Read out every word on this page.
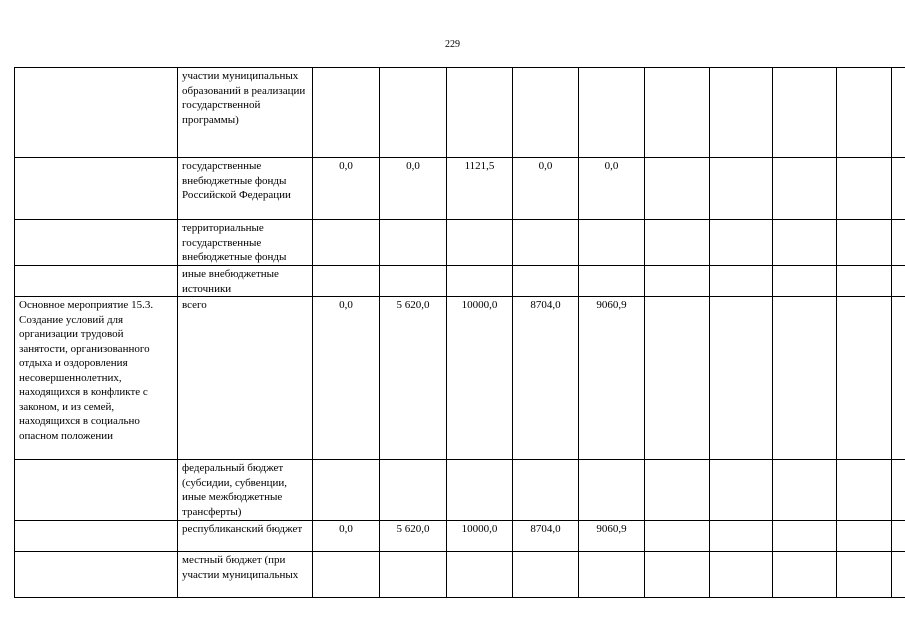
229
	участии муниципальных образований в реализации государственной программы)										
	государственные внебюджетные фонды Российской Федерации	0,0	0,0	1121,5	0,0	0,0					
	территориальные государственные внебюджетные фонды										
	иные внебюджетные источники										
Основное мероприятие 15.3. Создание условий для организации трудовой занятости, организованного отдыха и оздоровления несовершеннолетних, находящихся в конфликте с законом, и из семей, находящихся в социально опасном положении	всего	0,0	5 620,0	10000,0	8704,0	9060,9					
	федеральный бюджет (субсидии, субвенции, иные межбюджетные трансферты)										
	республиканский бюджет	0,0	5 620,0	10000,0	8704,0	9060,9					
	местный бюджет (при участии муниципальных										
